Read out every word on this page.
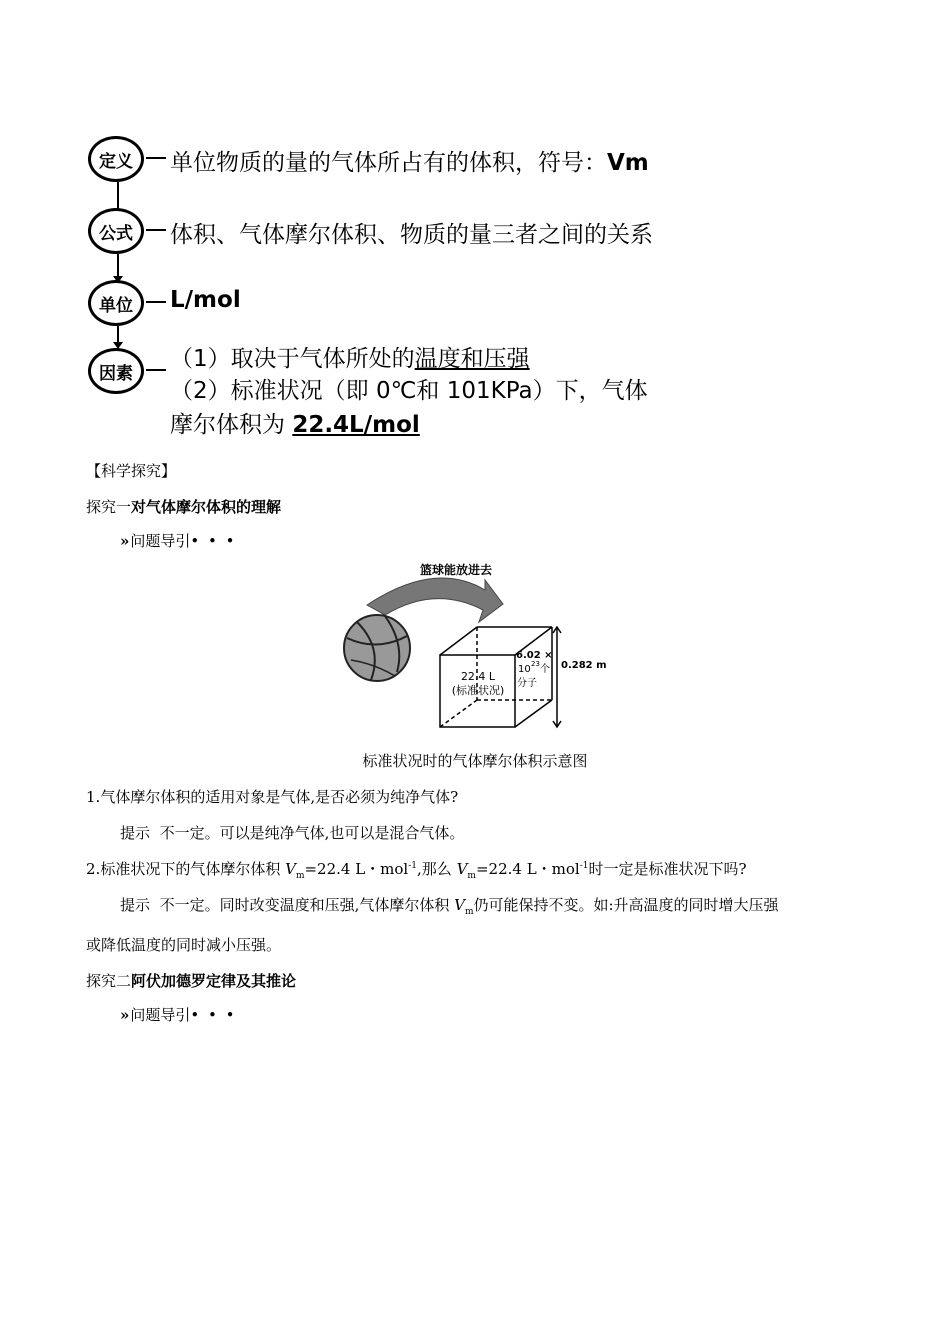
定义
公式
单位
因素
单位物质的量的气体所占有的体积，符号：Vm
体积、气体摩尔体积、物质的量三者之间的关系
L/mol
（1）取决于气体所处的温度和压强
（2）标准状况（即 0℃和 101KPa）下，气体
摩尔体积为 22.4L/mol
【科学探究】
探究一对气体摩尔体积的理解
» 问题导引• • •
篮球能放进去
22.4 L
(标准状况)
6.02 ×
10 23 个
分子
0.282 m
标准状况时的气体摩尔体积示意图
1.气体摩尔体积的适用对象是气体,是否必须为纯净气体?
提示 不一定。可以是纯净气体,也可以是混合气体。
2.标准状况下的气体摩尔体积 $V_m=22.4$ L・mol$^{-1}$,那么 $V_m=22.4$ L・mol$^{-1}$时一定是标准状况下吗?
提示 不一定。同时改变温度和压强,气体摩尔体积 $V_m$仍可能保持不变。如:升高温度的同时增大压强
或降低温度的同时减小压强。
探究二阿伏加德罗定律及其推论
» 问题导引• • •
